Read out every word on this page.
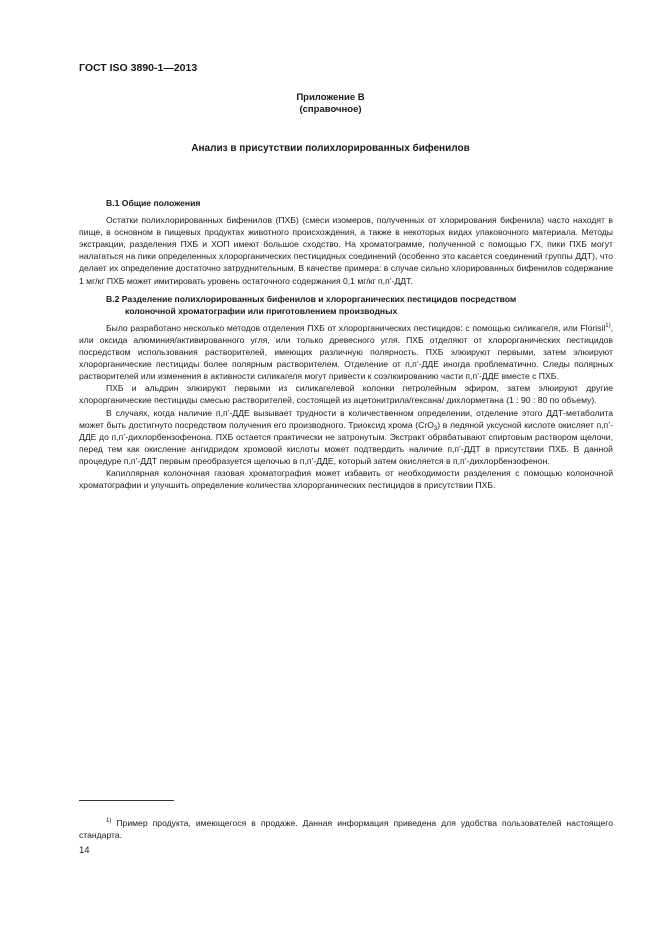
ГОСТ ISO 3890-1—2013
Приложение В
(справочное)
Анализ в присутствии полихлорированных бифенилов
В.1 Общие положения

Остатки полихлорированных бифенилов (ПХБ) (смеси изомеров, полученных от хлорирования бифенила) часто находят в пище, в основном в пищевых продуктах животного происхождения, а также в некоторых видах упаковочного материала. Методы экстракции, разделения ПХБ и ХОП имеют большое сходство. На хроматограмме, полученной с помощью ГХ, пики ПХБ могут налагаться на пики определенных хлорорганических пестицидных соединений (особенно это касается соединений группы ДДТ), что делает их определение достаточно затруднительным. В качестве примера: в случае сильно хлорированных бифенилов содержание 1 мг/кг ПХБ может имитировать уровень остаточного содержания 0,1 мг/кг п,п’-ДДТ.

В.2 Разделение полихлорированных бифенилов и хлорорганических пестицидов посредством
колоночной хроматографии или приготовлением производных

Было разработано несколько методов отделения ПХБ от хлорорганических пестицидов: с помощью силикагеля, или Florisil$^{1)}$, или оксида алюминия/активированного угля, или только древесного угля. ПХБ отделяют от хлорорганических пестицидов посредством использования растворителей, имеющих различную полярность. ПХБ элюируют первыми, затем элюируют хлорорганические пестициды более полярным растворителем. Отделение от п,п’-ДДЕ иногда проблематично. Следы полярных растворителей или изменения в активности силикагеля могут привести к соэлюированию части п,п’-ДДЕ вместе с ПХБ.

ПХБ и альдрин элюируют первыми из силикагелевой колонки петролейным эфиром, затем элюируют другие хлорорганические пестициды смесью растворителей, состоящей из ацетонитрила/гексана/ дихлорметана (1 : 90 : 80 по объему).

В случаях, когда наличие п,п’-ДДЕ вызывает трудности в количественном определении, отделение этого ДДТ-метаболита может быть достигнуто посредством получения его производного. Триоксид хрома (CrO$_3$) в ледяной уксусной кислоте окисляет п,п’-ДДЕ до п,п’-дихлорбензофенона. ПХБ остается практически не затронутым. Экстракт обрабатывают спиртовым раствором щелочи, перед тем как окисление ангидридом хромовой кислоты может подтвердить наличие п,п’-ДДТ в присутствии ПХБ. В данной процедуре п,п’-ДДТ первым преобразуется щелочью в п,п’-ДДЕ, который затем окисляется в п,п’-дихлорбензофенон.

Капиллярная колоночная газовая хроматография может избавить от необходимости разделения с помощью колоночной хроматографии и улучшить определение количества хлорорганических пестицидов в присутствии ПХБ.

$^{1)}$ Пример продукта, имеющегося в продаже. Данная информация приведена для удобства пользователей настоящего стандарта.
14
